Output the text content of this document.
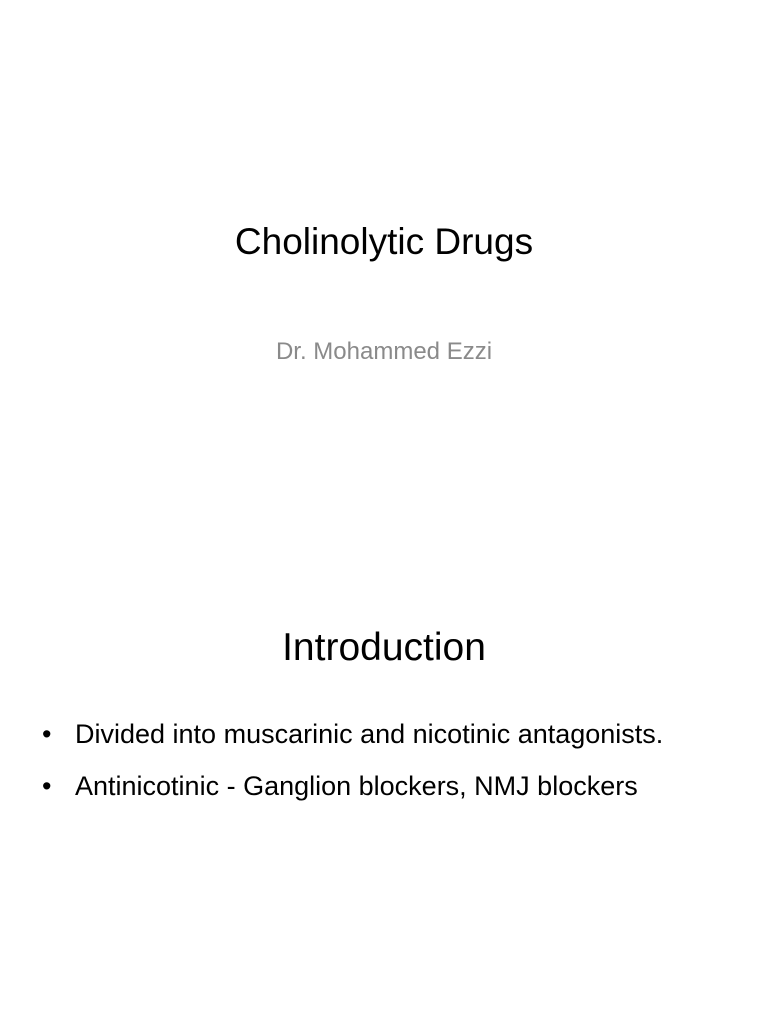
Cholinolytic Drugs
Dr. Mohammed Ezzi
Introduction
• Divided into muscarinic and nicotinic antagonists.
• Antinicotinic - Ganglion blockers, NMJ blockers
